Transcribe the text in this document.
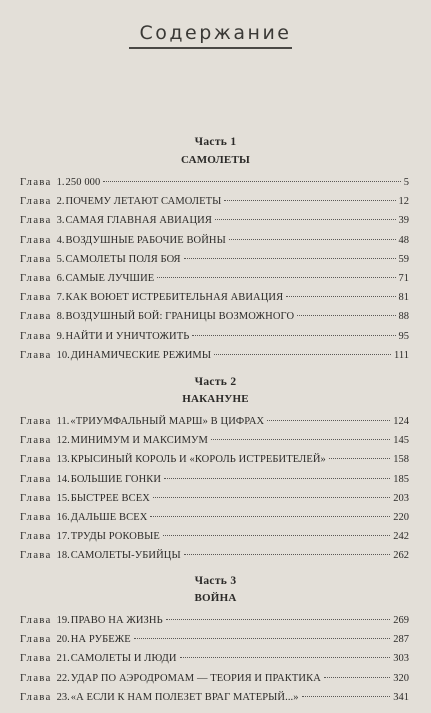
Содержание
Часть 1
САМОЛЕТЫ
Глава 1. 250 000	5
Глава 2. ПОЧЕМУ ЛЕТАЮТ САМОЛЕТЫ	12
Глава 3. САМАЯ ГЛАВНАЯ АВИАЦИЯ	39
Глава 4. ВОЗДУШНЫЕ РАБОЧИЕ ВОЙНЫ	48
Глава 5. САМОЛЕТЫ ПОЛЯ БОЯ	59
Глава 6. САМЫЕ ЛУЧШИЕ	71
Глава 7. КАК ВОЮЕТ ИСТРЕБИТЕЛЬНАЯ АВИАЦИЯ	81
Глава 8. ВОЗДУШНЫЙ БОЙ: ГРАНИЦЫ ВОЗМОЖНОГО	88
Глава 9. НАЙТИ И УНИЧТОЖИТЬ	95
Глава 10. ДИНАМИЧЕСКИЕ РЕЖИМЫ	111
Часть 2
НАКАНУНЕ
Глава 11. «ТРИУМФАЛЬНЫЙ МАРШ» В ЦИФРАХ	124
Глава 12. МИНИМУМ И МАКСИМУМ	145
Глава 13. КРЫСИНЫЙ КОРОЛЬ И «КОРОЛЬ ИСТРЕБИТЕЛЕЙ»	158
Глава 14. БОЛЬШИЕ ГОНКИ	185
Глава 15. БЫСТРЕЕ ВСЕХ	203
Глава 16. ДАЛЬШЕ ВСЕХ	220
Глава 17. ТРУДЫ РОКОВЫЕ	242
Глава 18. САМОЛЕТЫ-УБИЙЦЫ	262
Часть 3
ВОЙНА
Глава 19. ПРАВО НА ЖИЗНЬ	269
Глава 20. НА РУБЕЖЕ	287
Глава 21. САМОЛЕТЫ И ЛЮДИ	303
Глава 22. УДАР ПО АЭРОДРОМАМ — ТЕОРИЯ И ПРАКТИКА	320
Глава 23. «А ЕСЛИ К НАМ ПОЛЕЗЕТ ВРАГ МАТЕРЫЙ...»	341
